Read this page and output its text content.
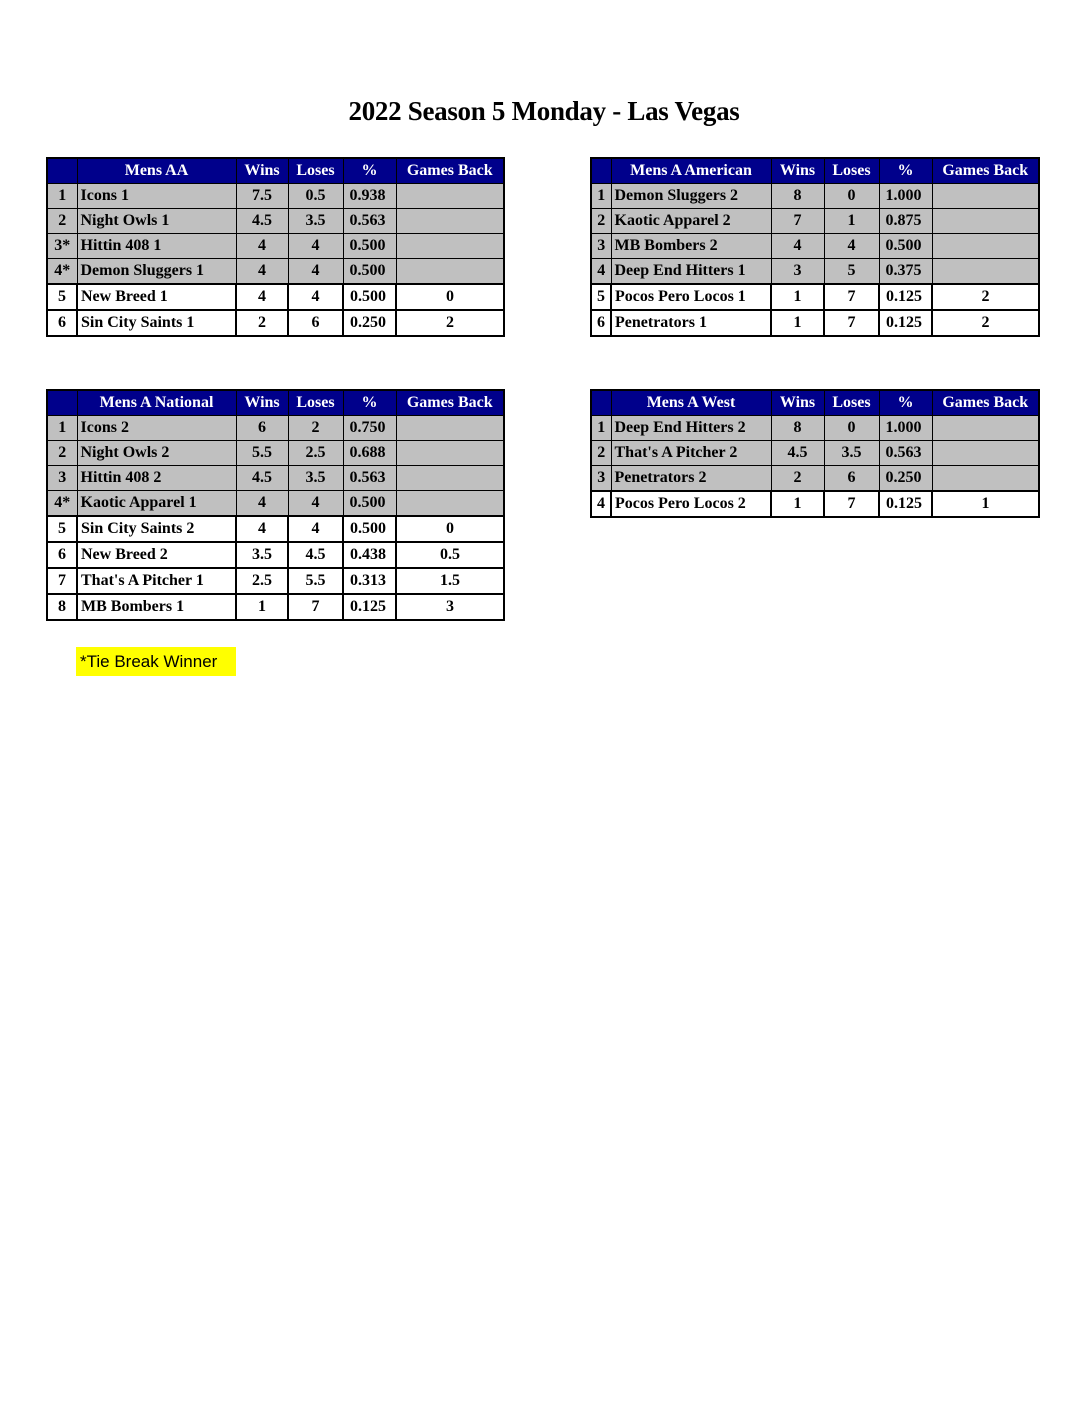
2022 Season 5 Monday - Las Vegas
	Mens AA	Wins	Loses	%	Games Back
1	Icons 1	7.5	0.5	0.938	
2	Night Owls 1	4.5	3.5	0.563	
3*	Hittin 408 1	4	4	0.500	
4*	Demon Sluggers 1	4	4	0.500	
5	New Breed 1	4	4	0.500	0
6	Sin City Saints 1	2	6	0.250	2
	Mens A American	Wins	Loses	%	Games Back
1	Demon Sluggers 2	8	0	1.000	
2	Kaotic Apparel 2	7	1	0.875	
3	MB Bombers 2	4	4	0.500	
4	Deep End Hitters 1	3	5	0.375	
5	Pocos Pero Locos 1	1	7	0.125	2
6	Penetrators 1	1	7	0.125	2
	Mens A National	Wins	Loses	%	Games Back
1	Icons 2	6	2	0.750	
2	Night Owls 2	5.5	2.5	0.688	
3	Hittin 408 2	4.5	3.5	0.563	
4*	Kaotic Apparel 1	4	4	0.500	
5	Sin City Saints 2	4	4	0.500	0
6	New Breed 2	3.5	4.5	0.438	0.5
7	That's A Pitcher 1	2.5	5.5	0.313	1.5
8	MB Bombers 1	1	7	0.125	3
	Mens A West	Wins	Loses	%	Games Back
1	Deep End Hitters 2	8	0	1.000	
2	That's A Pitcher 2	4.5	3.5	0.563	
3	Penetrators 2	2	6	0.250	
4	Pocos Pero Locos 2	1	7	0.125	1
*Tie Break Winner
